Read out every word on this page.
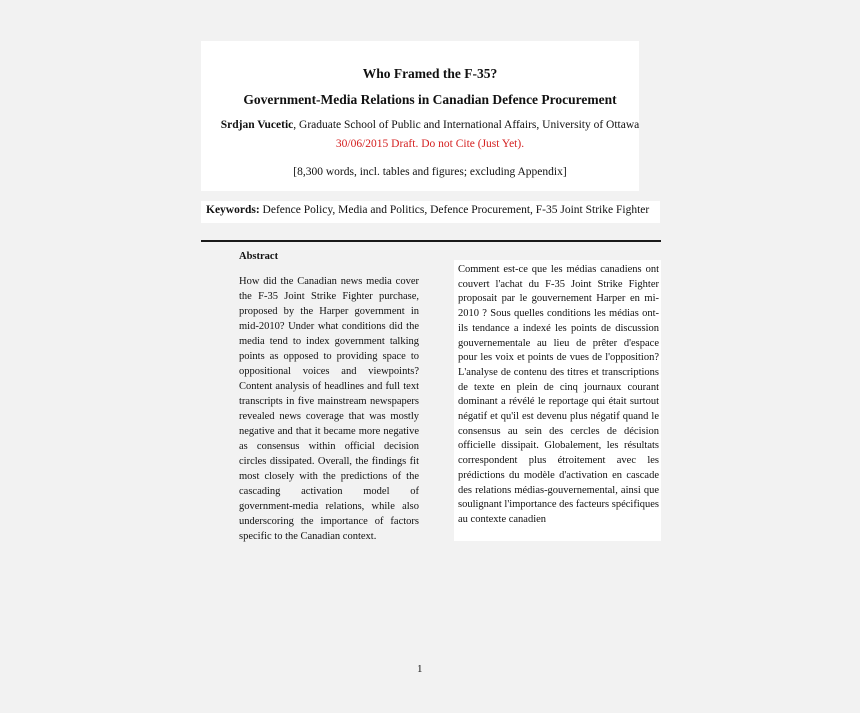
Who Framed the F-35?
Government-Media Relations in Canadian Defence Procurement
Srdjan Vucetic, Graduate School of Public and International Affairs, University of Ottawa
30/06/2015 Draft. Do not Cite (Just Yet).
[8,300 words, incl. tables and figures; excluding Appendix]
Keywords: Defence Policy, Media and Politics, Defence Procurement, F-35 Joint Strike Fighter
Abstract

How did the Canadian news media cover the F-35 Joint Strike Fighter purchase, proposed by the Harper government in mid-2010? Under what conditions did the media tend to index government talking points as opposed to providing space to oppositional voices and viewpoints? Content analysis of headlines and full text transcripts in five mainstream newspapers revealed news coverage that was mostly negative and that it became more negative as consensus within official decision circles dissipated. Overall, the findings fit most closely with the predictions of the cascading activation model of government-media relations, while also underscoring the importance of factors specific to the Canadian context.

Comment est-ce que les médias canadiens ont couvert l'achat du F-35 Joint Strike Fighter proposait par le gouvernement Harper en mi-2010 ? Sous quelles conditions les médias ont-ils tendance a indexé les points de discussion gouvernementale au lieu de prêter d'espace pour les voix et points de vues de l'opposition? L'analyse de contenu des titres et transcriptions de texte en plein de cinq journaux courant dominant a révélé le reportage qui était surtout négatif et qu'il est devenu plus négatif quand le consensus au sein des cercles de décision officielle dissipait. Globalement, les résultats correspondent plus étroitement avec les prédictions du modèle d'activation en cascade des relations médias-gouvernemental, ainsi que soulignant l'importance des facteurs spécifiques au contexte canadien

1
